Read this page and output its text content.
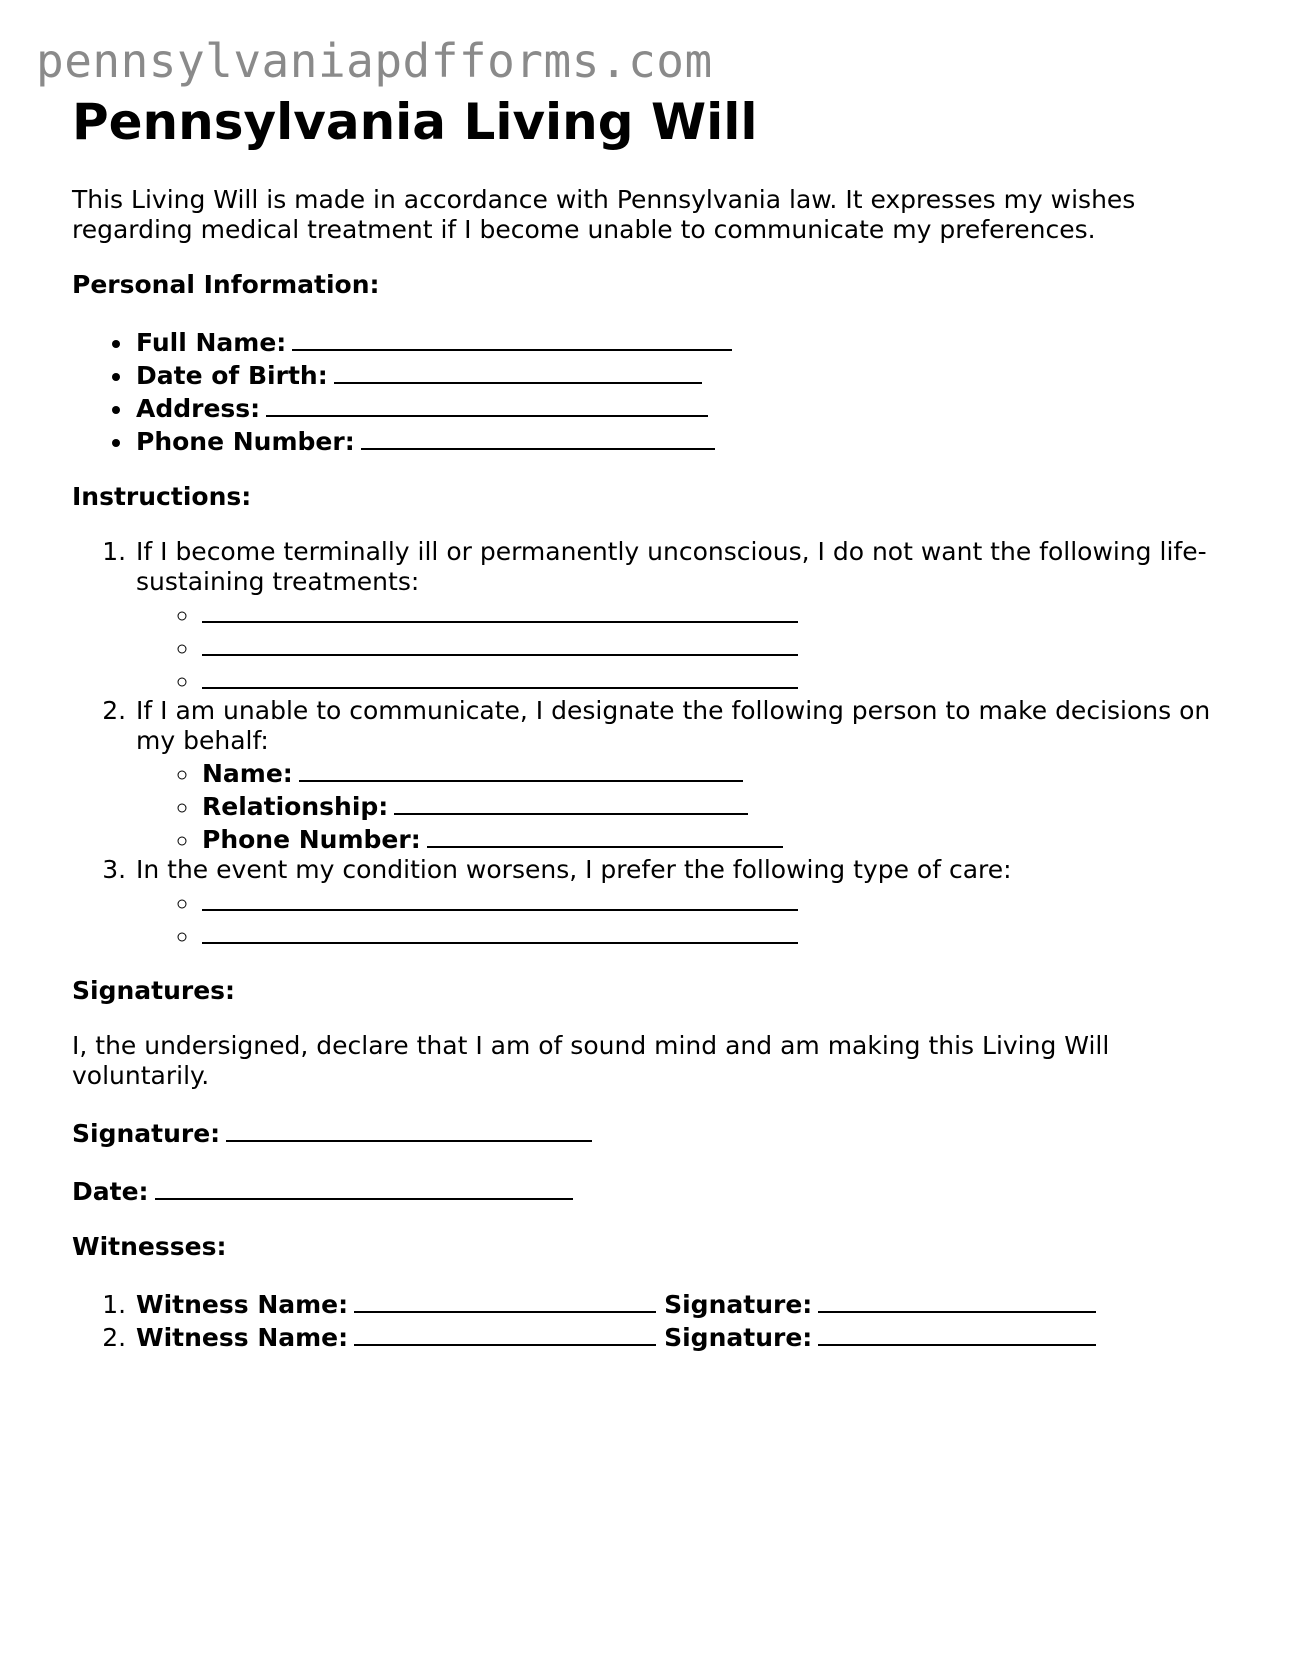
pennsylvaniapdfforms.com
Pennsylvania Living Will

This Living Will is made in accordance with Pennsylvania law. It expresses my wishes regarding medical treatment if I become unable to communicate my preferences.

Personal Information:

• Full Name:
• Date of Birth:
• Address:
• Phone Number:

Instructions:

1. If I become terminally ill or permanently unconscious, I do not want the following life-sustaining treatments:
◦
◦
◦
2. If I am unable to communicate, I designate the following person to make decisions on my behalf:
◦ Name:
◦ Relationship:
◦ Phone Number:
3. In the event my condition worsens, I prefer the following type of care:
◦
◦

Signatures:

I, the undersigned, declare that I am of sound mind and am making this Living Will voluntarily.

Signature:

Date:

Witnesses:

1. Witness Name:	Signature:
2. Witness Name:	Signature:
